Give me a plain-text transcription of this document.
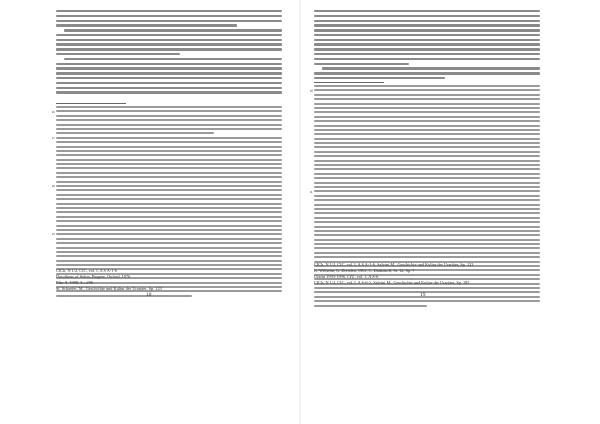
²⁶
²⁷
²⁸
²⁹
CICh, N 1/2, CIС, vol. I, A S A-1-6
Dorotheus of Sidon, Pingree, Oxford, 1976
Eliz. 9, 1988, 3—296
St. Schaefer, M., Geschichte und Kultur der Urartäer, Sp. 123
18
³⁰
³¹
CICh, N 1/2, CIС, vol. I, A S A-1-6, Salvini M., Geschichte und Kultur der Urartäer, Sp. 123
K. Wilhelm, G. Dresden, 1961, C. Diakonoff, St. 12, Sp. 7
Urartu 1993-1996, CIU, vol. 1, A S-6
CICh, N 1/2, CIС, vol. I, A S-6-2, Salvini M., Geschichte und Kultur der Urartäer, Sp. 185
19
